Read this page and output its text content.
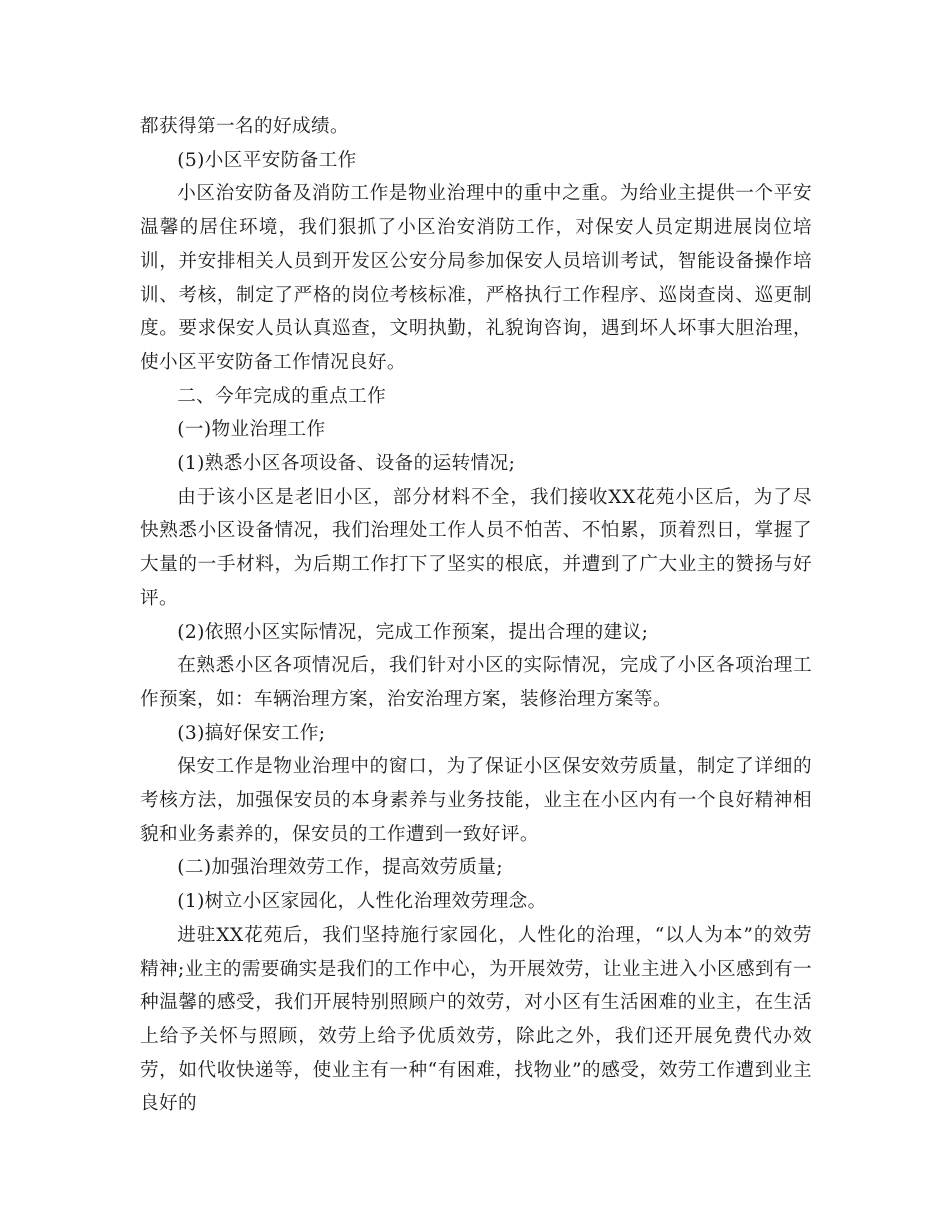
都获得第一名的好成绩。

(5)小区平安防备工作

小区治安防备及消防工作是物业治理中的重中之重。为给业主提供一个平安温馨的居住环境，我们狠抓了小区治安消防工作，对保安人员定期进展岗位培训，并安排相关人员到开发区公安分局参加保安人员培训考试，智能设备操作培训、考核，制定了严格的岗位考核标准，严格执行工作程序、巡岗查岗、巡更制度。要求保安人员认真巡查，文明执勤，礼貌询咨询，遇到坏人坏事大胆治理，使小区平安防备工作情况良好。

二、今年完成的重点工作

(一)物业治理工作

(1)熟悉小区各项设备、设备的运转情况;

由于该小区是老旧小区，部分材料不全，我们接收XX花苑小区后，为了尽快熟悉小区设备情况，我们治理处工作人员不怕苦、不怕累，顶着烈日，掌握了大量的一手材料，为后期工作打下了坚实的根底，并遭到了广大业主的赞扬与好评。

(2)依照小区实际情况，完成工作预案，提出合理的建议;

在熟悉小区各项情况后，我们针对小区的实际情况，完成了小区各项治理工作预案，如：车辆治理方案，治安治理方案，装修治理方案等。

(3)搞好保安工作;

保安工作是物业治理中的窗口，为了保证小区保安效劳质量，制定了详细的考核方法，加强保安员的本身素养与业务技能，业主在小区内有一个良好精神相貌和业务素养的，保安员的工作遭到一致好评。

(二)加强治理效劳工作，提高效劳质量;

(1)树立小区家园化，人性化治理效劳理念。

进驻XX花苑后，我们坚持施行家园化，人性化的治理，“以人为本”的效劳精神;业主的需要确实是我们的工作中心，为开展效劳，让业主进入小区感到有一种温馨的感受，我们开展特别照顾户的效劳，对小区有生活困难的业主，在生活上给予关怀与照顾，效劳上给予优质效劳，除此之外，我们还开展免费代办效劳，如代收快递等，使业主有一种“有困难，找物业”的感受，效劳工作遭到业主良好的
